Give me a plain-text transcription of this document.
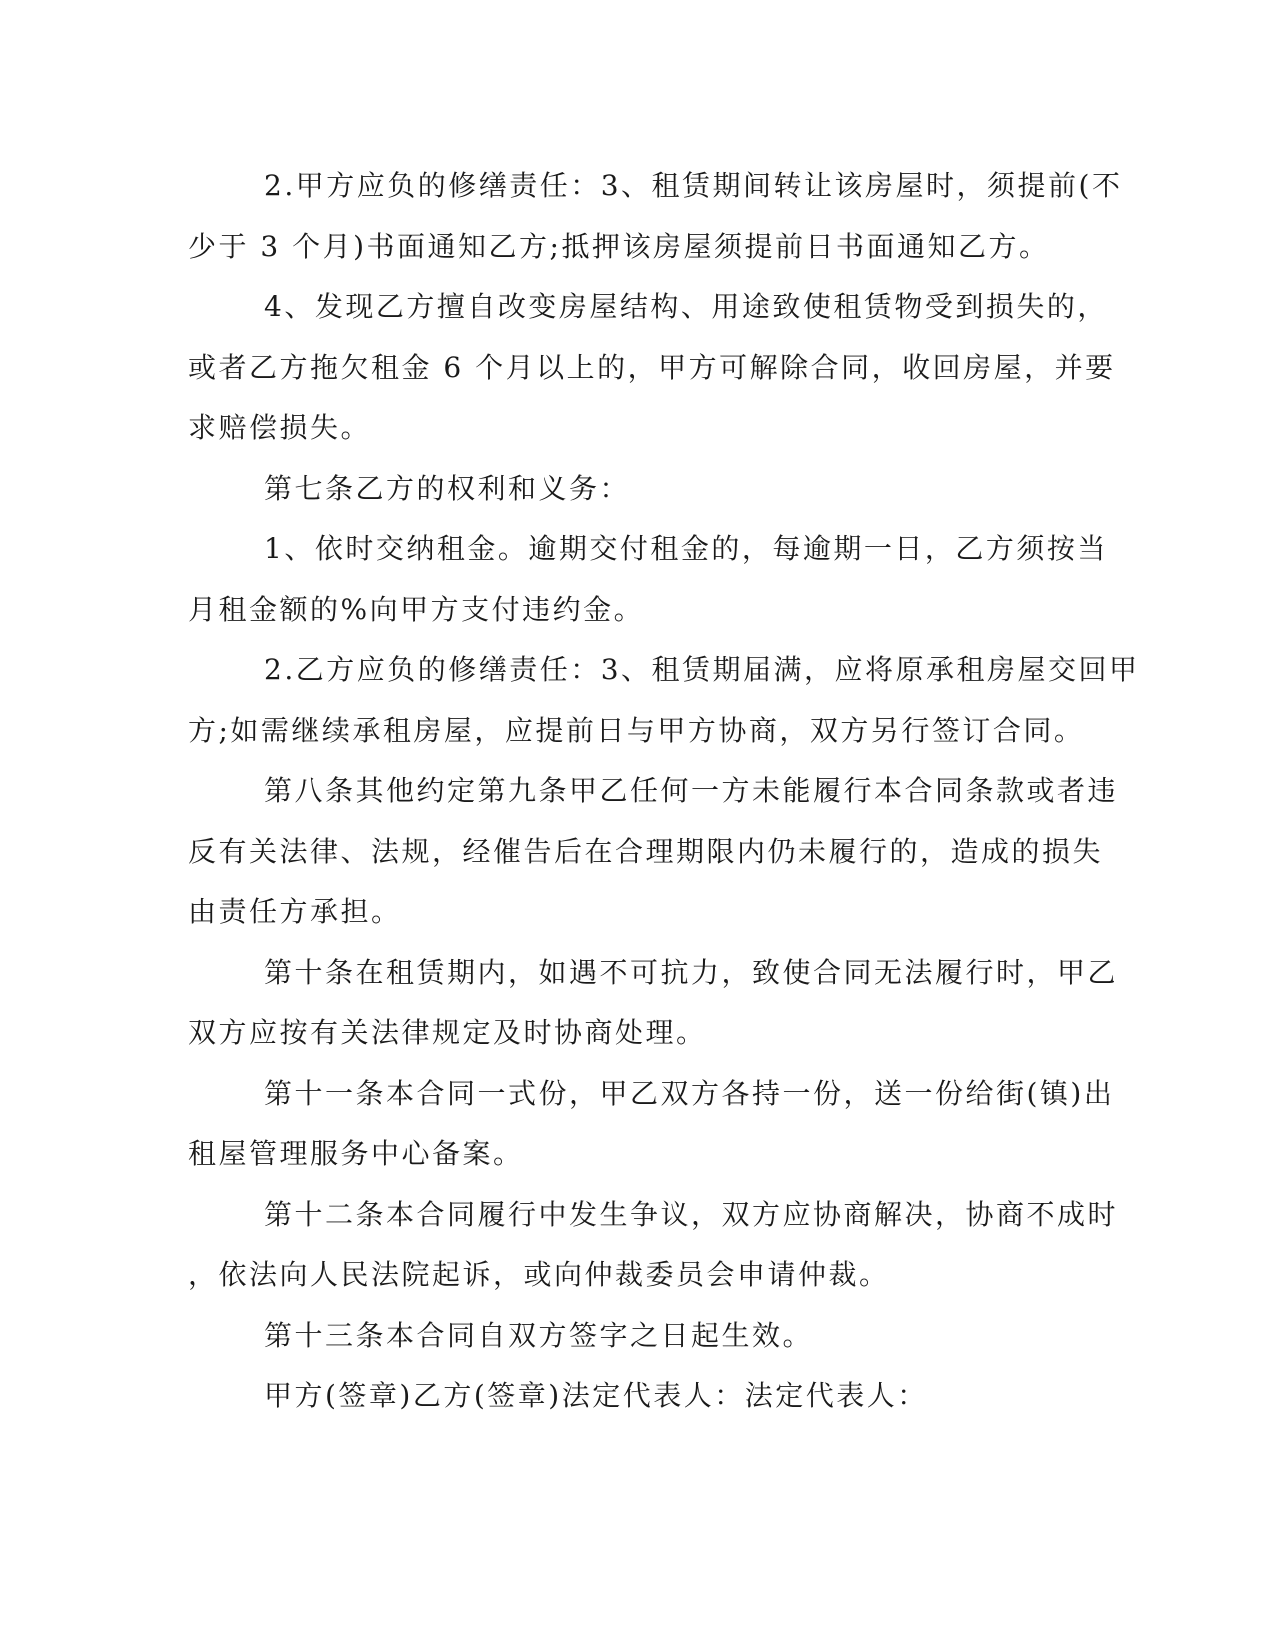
2.甲方应负的修缮责任：3、租赁期间转让该房屋时，须提前(不
少于 3 个月)书面通知乙方;抵押该房屋须提前日书面通知乙方。
4、发现乙方擅自改变房屋结构、用途致使租赁物受到损失的，
或者乙方拖欠租金 6 个月以上的，甲方可解除合同，收回房屋，并要
求赔偿损失。
第七条乙方的权利和义务：
1、依时交纳租金。逾期交付租金的，每逾期一日，乙方须按当
月租金额的%向甲方支付违约金。
2.乙方应负的修缮责任：3、租赁期届满，应将原承租房屋交回甲
方;如需继续承租房屋，应提前日与甲方协商，双方另行签订合同。
第八条其他约定第九条甲乙任何一方未能履行本合同条款或者违
反有关法律、法规，经催告后在合理期限内仍未履行的，造成的损失
由责任方承担。
第十条在租赁期内，如遇不可抗力，致使合同无法履行时，甲乙
双方应按有关法律规定及时协商处理。
第十一条本合同一式份，甲乙双方各持一份，送一份给街(镇)出
租屋管理服务中心备案。
第十二条本合同履行中发生争议，双方应协商解决，协商不成时
，依法向人民法院起诉，或向仲裁委员会申请仲裁。
第十三条本合同自双方签字之日起生效。
甲方(签章)乙方(签章)法定代表人：法定代表人：
